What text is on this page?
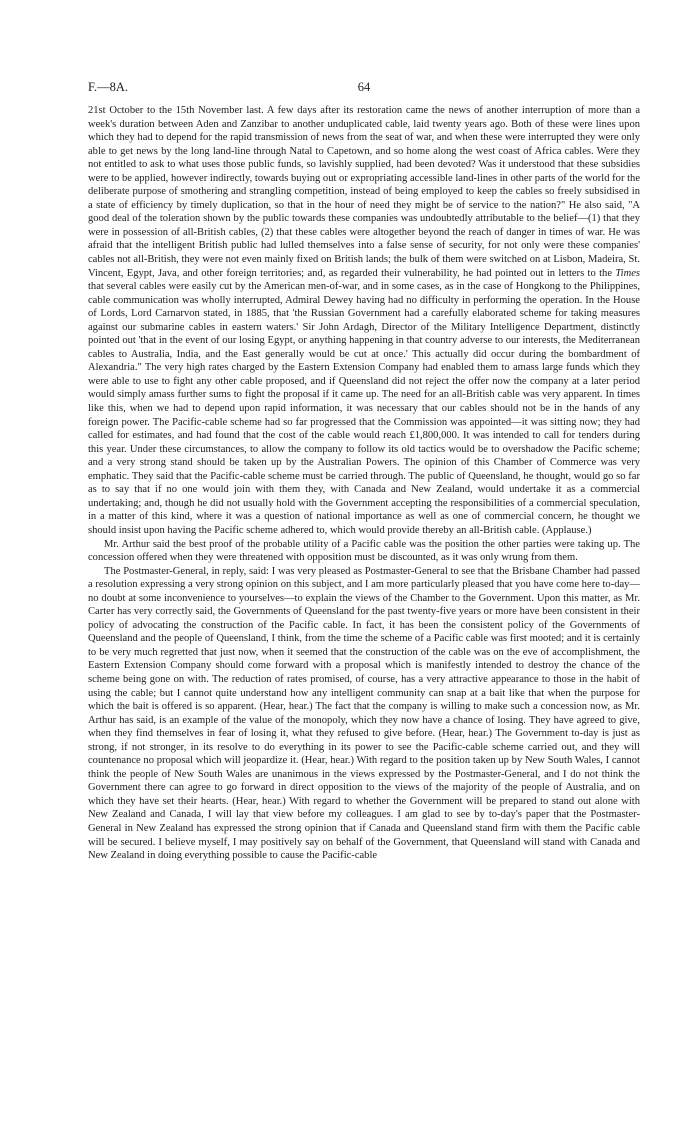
F.—8A.	64

21st October to the 15th November last. A few days after its restoration came the news of another interruption of more than a week's duration between Aden and Zanzibar to another unduplicated cable, laid twenty years ago. Both of these were lines upon which they had to depend for the rapid transmission of news from the seat of war, and when these were interrupted they were only able to get news by the long land-line through Natal to Capetown, and so home along the west coast of Africa cables. Were they not entitled to ask to what uses those public funds, so lavishly supplied, had been devoted? Was it understood that these subsidies were to be applied, however indirectly, towards buying out or expropriating accessible land-lines in other parts of the world for the deliberate purpose of smothering and strangling competition, instead of being employed to keep the cables so freely subsidised in a state of efficiency by timely duplication, so that in the hour of need they might be of service to the nation?" He also said, "A good deal of the toleration shown by the public towards these companies was undoubtedly attributable to the belief—(1) that they were in possession of all-British cables, (2) that these cables were altogether beyond the reach of danger in times of war. He was afraid that the intelligent British public had lulled themselves into a false sense of security, for not only were these companies' cables not all-British, they were not even mainly fixed on British lands; the bulk of them were switched on at Lisbon, Madeira, St. Vincent, Egypt, Java, and other foreign territories; and, as regarded their vulnerability, he had pointed out in letters to the Times that several cables were easily cut by the American men-of-war, and in some cases, as in the case of Hongkong to the Philippines, cable communication was wholly interrupted, Admiral Dewey having had no difficulty in performing the operation. In the House of Lords, Lord Carnarvon stated, in 1885, that 'the Russian Government had a carefully elaborated scheme for taking measures against our submarine cables in eastern waters.' Sir John Ardagh, Director of the Military Intelligence Department, distinctly pointed out 'that in the event of our losing Egypt, or anything happening in that country adverse to our interests, the Mediterranean cables to Australia, India, and the East generally would be cut at once.' This actually did occur during the bombardment of Alexandria." The very high rates charged by the Eastern Extension Company had enabled them to amass large funds which they were able to use to fight any other cable proposed, and if Queensland did not reject the offer now the company at a later period would simply amass further sums to fight the proposal if it came up. The need for an all-British cable was very apparent. In times like this, when we had to depend upon rapid information, it was necessary that our cables should not be in the hands of any foreign power. The Pacific-cable scheme had so far progressed that the Commission was appointed—it was sitting now; they had called for estimates, and had found that the cost of the cable would reach £1,800,000. It was intended to call for tenders during this year. Under these circumstances, to allow the company to follow its old tactics would be to overshadow the Pacific scheme; and a very strong stand should be taken up by the Australian Powers. The opinion of this Chamber of Commerce was very emphatic. They said that the Pacific-cable scheme must be carried through. The public of Queensland, he thought, would go so far as to say that if no one would join with them they, with Canada and New Zealand, would undertake it as a commercial undertaking; and, though he did not usually hold with the Government accepting the responsibilities of a commercial speculation, in a matter of this kind, where it was a question of national importance as well as one of commercial concern, he thought we should insist upon having the Pacific scheme adhered to, which would provide thereby an all-British cable. (Applause.)

Mr. Arthur said the best proof of the probable utility of a Pacific cable was the position the other parties were taking up. The concession offered when they were threatened with opposition must be discounted, as it was only wrung from them.

The Postmaster-General, in reply, said: I was very pleased as Postmaster-General to see that the Brisbane Chamber had passed a resolution expressing a very strong opinion on this subject, and I am more particularly pleased that you have come here to-day—no doubt at some inconvenience to yourselves—to explain the views of the Chamber to the Government. Upon this matter, as Mr. Carter has very correctly said, the Governments of Queensland for the past twenty-five years or more have been consistent in their policy of advocating the construction of the Pacific cable. In fact, it has been the consistent policy of the Governments of Queensland and the people of Queensland, I think, from the time the scheme of a Pacific cable was first mooted; and it is certainly to be very much regretted that just now, when it seemed that the construction of the cable was on the eve of accomplishment, the Eastern Extension Company should come forward with a proposal which is manifestly intended to destroy the chance of the scheme being gone on with. The reduction of rates promised, of course, has a very attractive appearance to those in the habit of using the cable; but I cannot quite understand how any intelligent community can snap at a bait like that when the purpose for which the bait is offered is so apparent. (Hear, hear.) The fact that the company is willing to make such a concession now, as Mr. Arthur has said, is an example of the value of the monopoly, which they now have a chance of losing. They have agreed to give, when they find themselves in fear of losing it, what they refused to give before. (Hear, hear.) The Government to-day is just as strong, if not stronger, in its resolve to do everything in its power to see the Pacific-cable scheme carried out, and they will countenance no proposal which will jeopardize it. (Hear, hear.) With regard to the position taken up by New South Wales, I cannot think the people of New South Wales are unanimous in the views expressed by the Postmaster-General, and I do not think the Government there can agree to go forward in direct opposition to the views of the majority of the people of Australia, and on which they have set their hearts. (Hear, hear.) With regard to whether the Government will be prepared to stand out alone with New Zealand and Canada, I will lay that view before my colleagues. I am glad to see by to-day's paper that the Postmaster-General in New Zealand has expressed the strong opinion that if Canada and Queensland stand firm with them the Pacific cable will be secured. I believe myself, I may positively say on behalf of the Government, that Queensland will stand with Canada and New Zealand in doing everything possible to cause the Pacific-cable
